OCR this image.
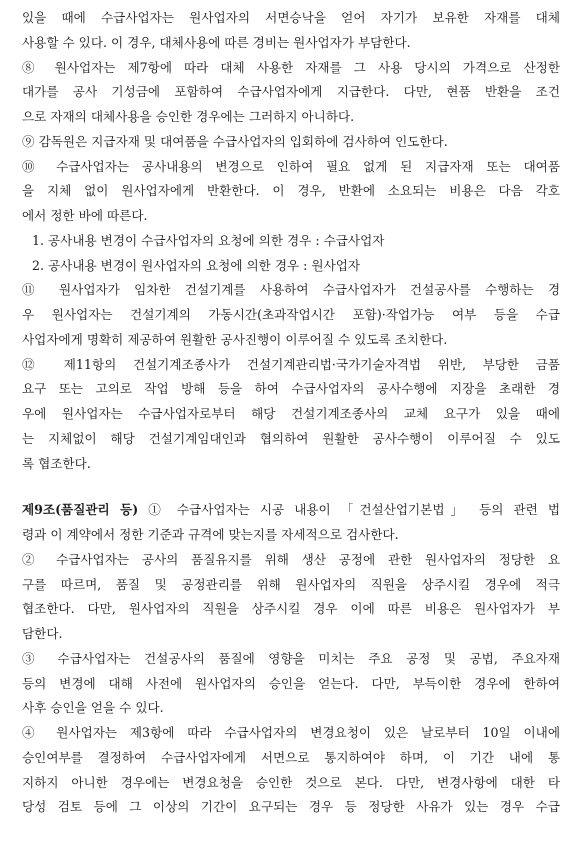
있을 때에 수급사업자는 원사업자의 서면승낙을 얻어 자기가 보유한 자재를 대체
사용할 수 있다. 이 경우, 대체사용에 따른 경비는 원사업자가 부담한다.
⑧ 원사업자는 제7항에 따라 대체 사용한 자재를 그 사용 당시의 가격으로 산정한
대가를 공사 기성금에 포함하여 수급사업자에게 지급한다. 다만, 현품 반환을 조건
으로 자재의 대체사용을 승인한 경우에는 그러하지 아니하다.
⑨ 감독원은 지급자재 및 대여품을 수급사업자의 입회하에 검사하여 인도한다.
⑩ 수급사업자는 공사내용의 변경으로 인하여 필요 없게 된 지급자재 또는 대여품
을 지체 없이 원사업자에게 반환한다. 이 경우, 반환에 소요되는 비용은 다음 각호
에서 정한 바에 따른다.
1. 공사내용 변경이 수급사업자의 요청에 의한 경우 : 수급사업자
2. 공사내용 변경이 원사업자의 요청에 의한 경우 : 원사업자
⑪ 원사업자가 임차한 건설기계를 사용하여 수급사업자가 건설공사를 수행하는 경
우 원사업자는 건설기계의 가동시간(초과작업시간 포함)·작업가능 여부 등을 수급
사업자에게 명확히 제공하여 원활한 공사진행이 이루어질 수 있도록 조치한다.
⑫ 제11항의 건설기계조종사가 건설기계관리법·국가기술자격법 위반, 부당한 금품
요구 또는 고의로 작업 방해 등을 하여 수급사업자의 공사수행에 지장을 초래한 경
우에 원사업자는 수급사업자로부터 해당 건설기계조종사의 교체 요구가 있을 때에
는 지체없이 해당 건설기계임대인과 협의하여 원활한 공사수행이 이루어질 수 있도
록 협조한다.
제9조(품질관리 등) ① 수급사업자는 시공 내용이 「건설산업기본법」 등의 관련 법
령과 이 계약에서 정한 기준과 규격에 맞는지를 자세적으로 검사한다.
② 수급사업자는 공사의 품질유지를 위해 생산 공정에 관한 원사업자의 정당한 요
구를 따르며, 품질 및 공정관리를 위해 원사업자의 직원을 상주시킬 경우에 적극
협조한다. 다만, 원사업자의 직원을 상주시킬 경우 이에 따른 비용은 원사업자가 부
담한다.
③ 수급사업자는 건설공사의 품질에 영향을 미치는 주요 공정 및 공법, 주요자재
등의 변경에 대해 사전에 원사업자의 승인을 얻는다. 다만, 부득이한 경우에 한하여
사후 승인을 얻을 수 있다.
④ 원사업자는 제3항에 따라 수급사업자의 변경요청이 있은 날로부터 10일 이내에
승인여부를 결정하여 수급사업자에게 서면으로 통지하여야 하며, 이 기간 내에 통
지하지 아니한 경우에는 변경요청을 승인한 것으로 본다. 다만, 변경사항에 대한 타
당성 검토 등에 그 이상의 기간이 요구되는 경우 등 정당한 사유가 있는 경우 수급
